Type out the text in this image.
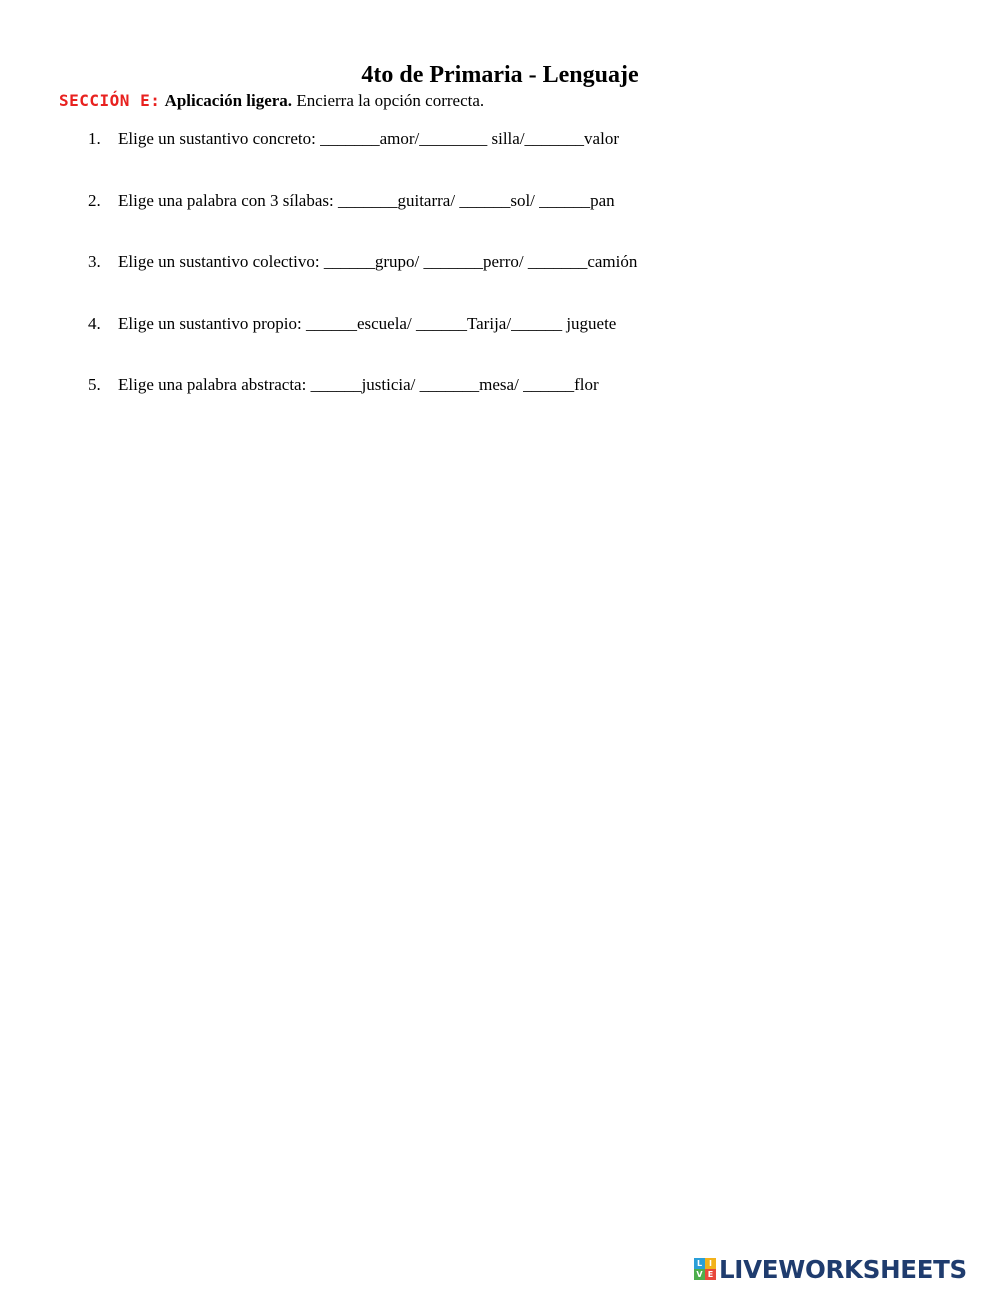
4to de Primaria - Lenguaje
SECCIÓN E: Aplicación ligera. Encierra la opción correcta.
1. Elige un sustantivo concreto: _______amor/________ silla/_______valor
2. Elige una palabra con 3 sílabas: _______guitarra/ ______sol/ ______pan
3. Elige un sustantivo colectivo: ______grupo/ _______perro/ _______camión
4. Elige un sustantivo propio: ______escuela/ ______Tarija/______ juguete
5. Elige una palabra abstracta: ______justicia/ _______mesa/ ______flor
L I
V E LIVEWORKSHEETS
